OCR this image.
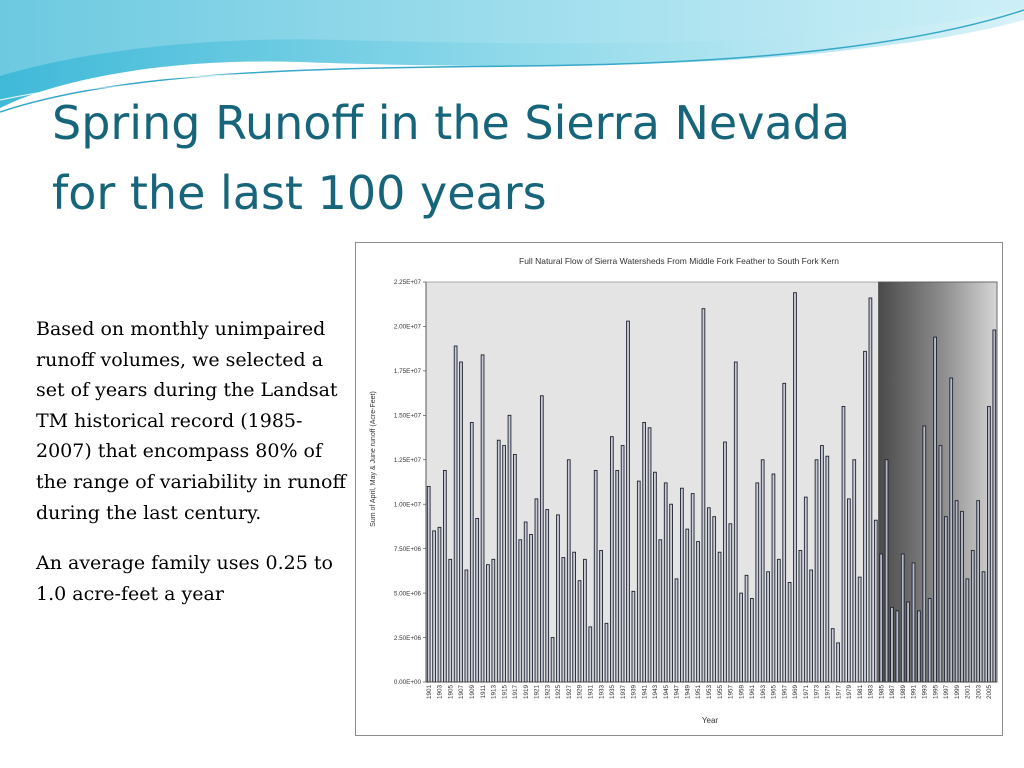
Spring Runoff in the Sierra Nevada
for the last 100 years

Based on monthly unimpaired runoff volumes, we selected a set of years during the Landsat TM historical record (1985-2007) that encompass 80% of the range of variability in runoff during the last century.

An average family uses 0.25 to 1.0 acre-feet a year

Full Natural Flow of Sierra Watersheds From Middle Fork Feather to South Fork Kern
Sum of April, May & June runoff (Acre-Feet)
Year
0.00E+00
2.50E+06
5.00E+06
7.50E+06
1.00E+07
1.25E+07
1.50E+07
1.75E+07
2.00E+07
2.25E+07
1901 1903 1905 1907 1909 1911 1913 1915 1917 1919 1921 1923 1925 1927 1929 1931 1933 1935 1937 1939 1941 1943 1945 1947 1949 1951 1953 1955 1957 1959 1961 1963 1965 1967 1969 1971 1973 1975 1977 1979 1981 1983 1985 1987 1989 1991 1993 1995 1997 1999 2001 2003 2005
